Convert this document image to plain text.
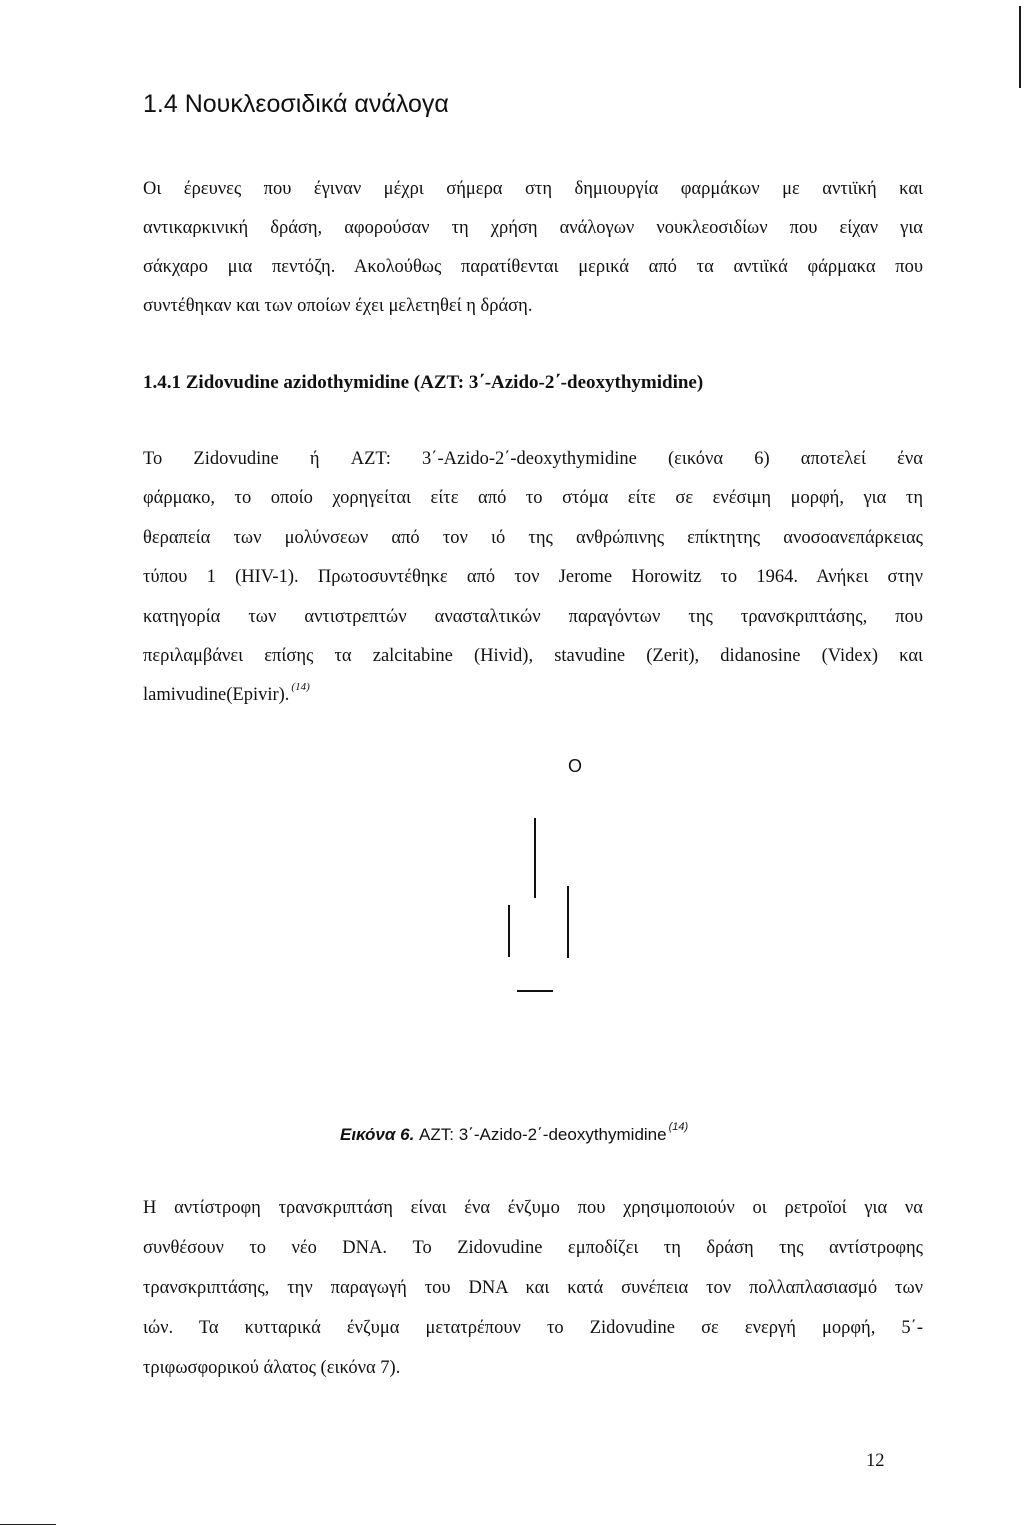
1.4 Νουκλεοσιδικά ανάλογα
Οι έρευνες που έγιναν μέχρι σήμερα στη δημιουργία φαρμάκων με αντιϊκή και
αντικαρκινική δράση, αφορούσαν τη χρήση ανάλογων νουκλεοσιδίων που είχαν για
σάκχαρο μια πεντόζη. Ακολούθως παρατίθενται μερικά από τα αντιϊκά φάρμακα που
συντέθηκαν και των οποίων έχει μελετηθεί η δράση.
1.4.1 Zidovudine azidothymidine (AZT: 3΄-Azido-2΄-deoxythymidine)
Το Zidovudine ή AZT: 3΄-Azido-2΄-deoxythymidine (εικόνα 6) αποτελεί ένα
φάρμακο, το οποίο χορηγείται είτε από το στόμα είτε σε ενέσιμη μορφή, για τη
θεραπεία των μολύνσεων από τον ιό της ανθρώπινης επίκτητης ανοσοανεπάρκειας
τύπου 1 (HIV-1). Πρωτοσυντέθηκε από τον Jerome Horowitz το 1964. Ανήκει στην
κατηγορία των αντιστρεπτών ανασταλτικών παραγόντων της τρανσκριπτάσης, που
περιλαμβάνει επίσης τα zalcitabine (Hivid), stavudine (Zerit), didanosine (Videx) και
lamivudine(Epivir). $^{(14)}$
O

Εικόνα 6. AZT: 3΄-Azido-2΄-deoxythymidine $^{(14)}$

Η αντίστροφη τρανσκριπτάση είναι ένα ένζυμο που χρησιμοποιούν οι ρετροϊοί για να
συνθέσουν το νέο DNA. Το Zidovudine εμποδίζει τη δράση της αντίστροφης
τρανσκριπτάσης, την παραγωγή του DNA και κατά συνέπεια τον πολλαπλασιασμό των
ιών. Τα κυτταρικά ένζυμα μετατρέπουν το Zidovudine σε ενεργή μορφή, 5΄-
τριφωσφορικού άλατος (εικόνα 7).
12
